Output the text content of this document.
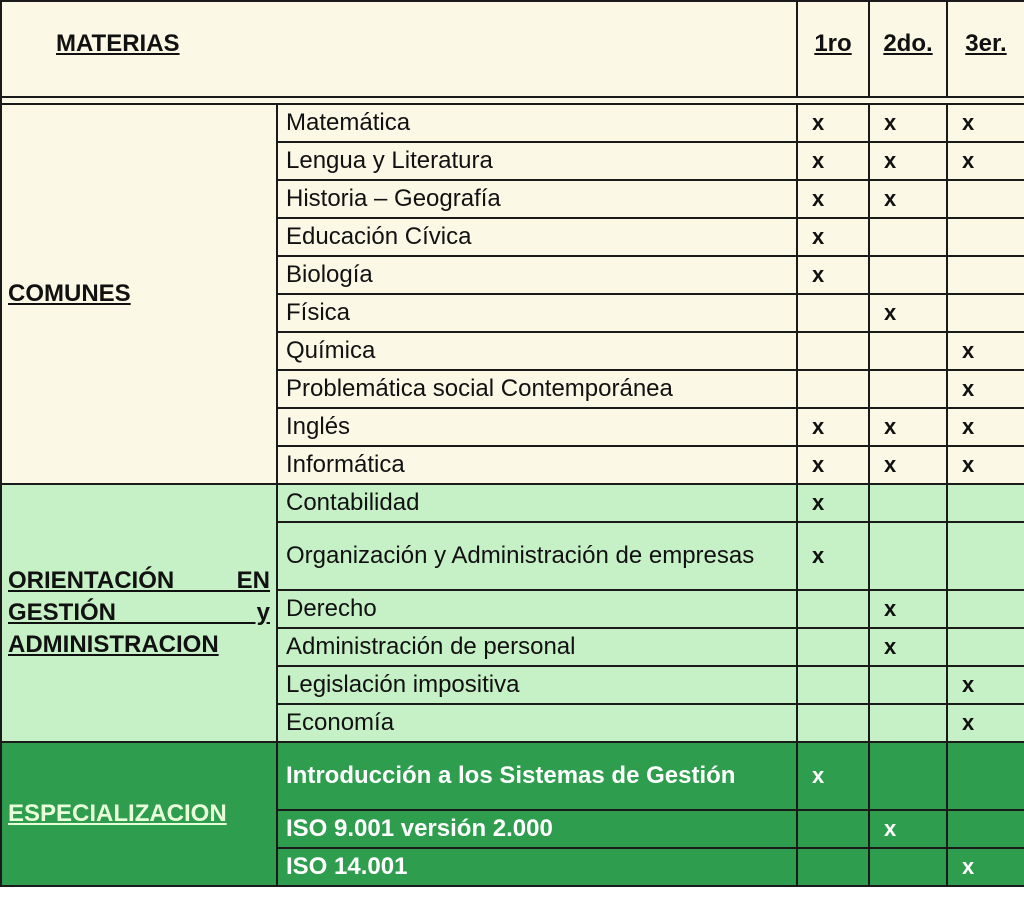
MATERIAS		1ro	2do.	3er.

COMUNES	Matemática	x	x	x
	Lengua y Literatura	x	x	x
	Historia – Geografía	x	x	
	Educación Cívica	x		
	Biología	x		
	Física		x	
	Química			x
	Problemática social Contemporánea			x
	Inglés	x	x	x
	Informática	x	x	x
ORIENTACIÓN EN GESTIÓN y ADMINISTRACION	Contabilidad	x		
	Organización y Administración de empresas	x		
	Derecho		x	
	Administración de personal		x	
	Legislación impositiva			x
	Economía			x
ESPECIALIZACION	Introducción a los Sistemas de Gestión	x		
	ISO 9.001 versión 2.000		x	
	ISO 14.001			x
